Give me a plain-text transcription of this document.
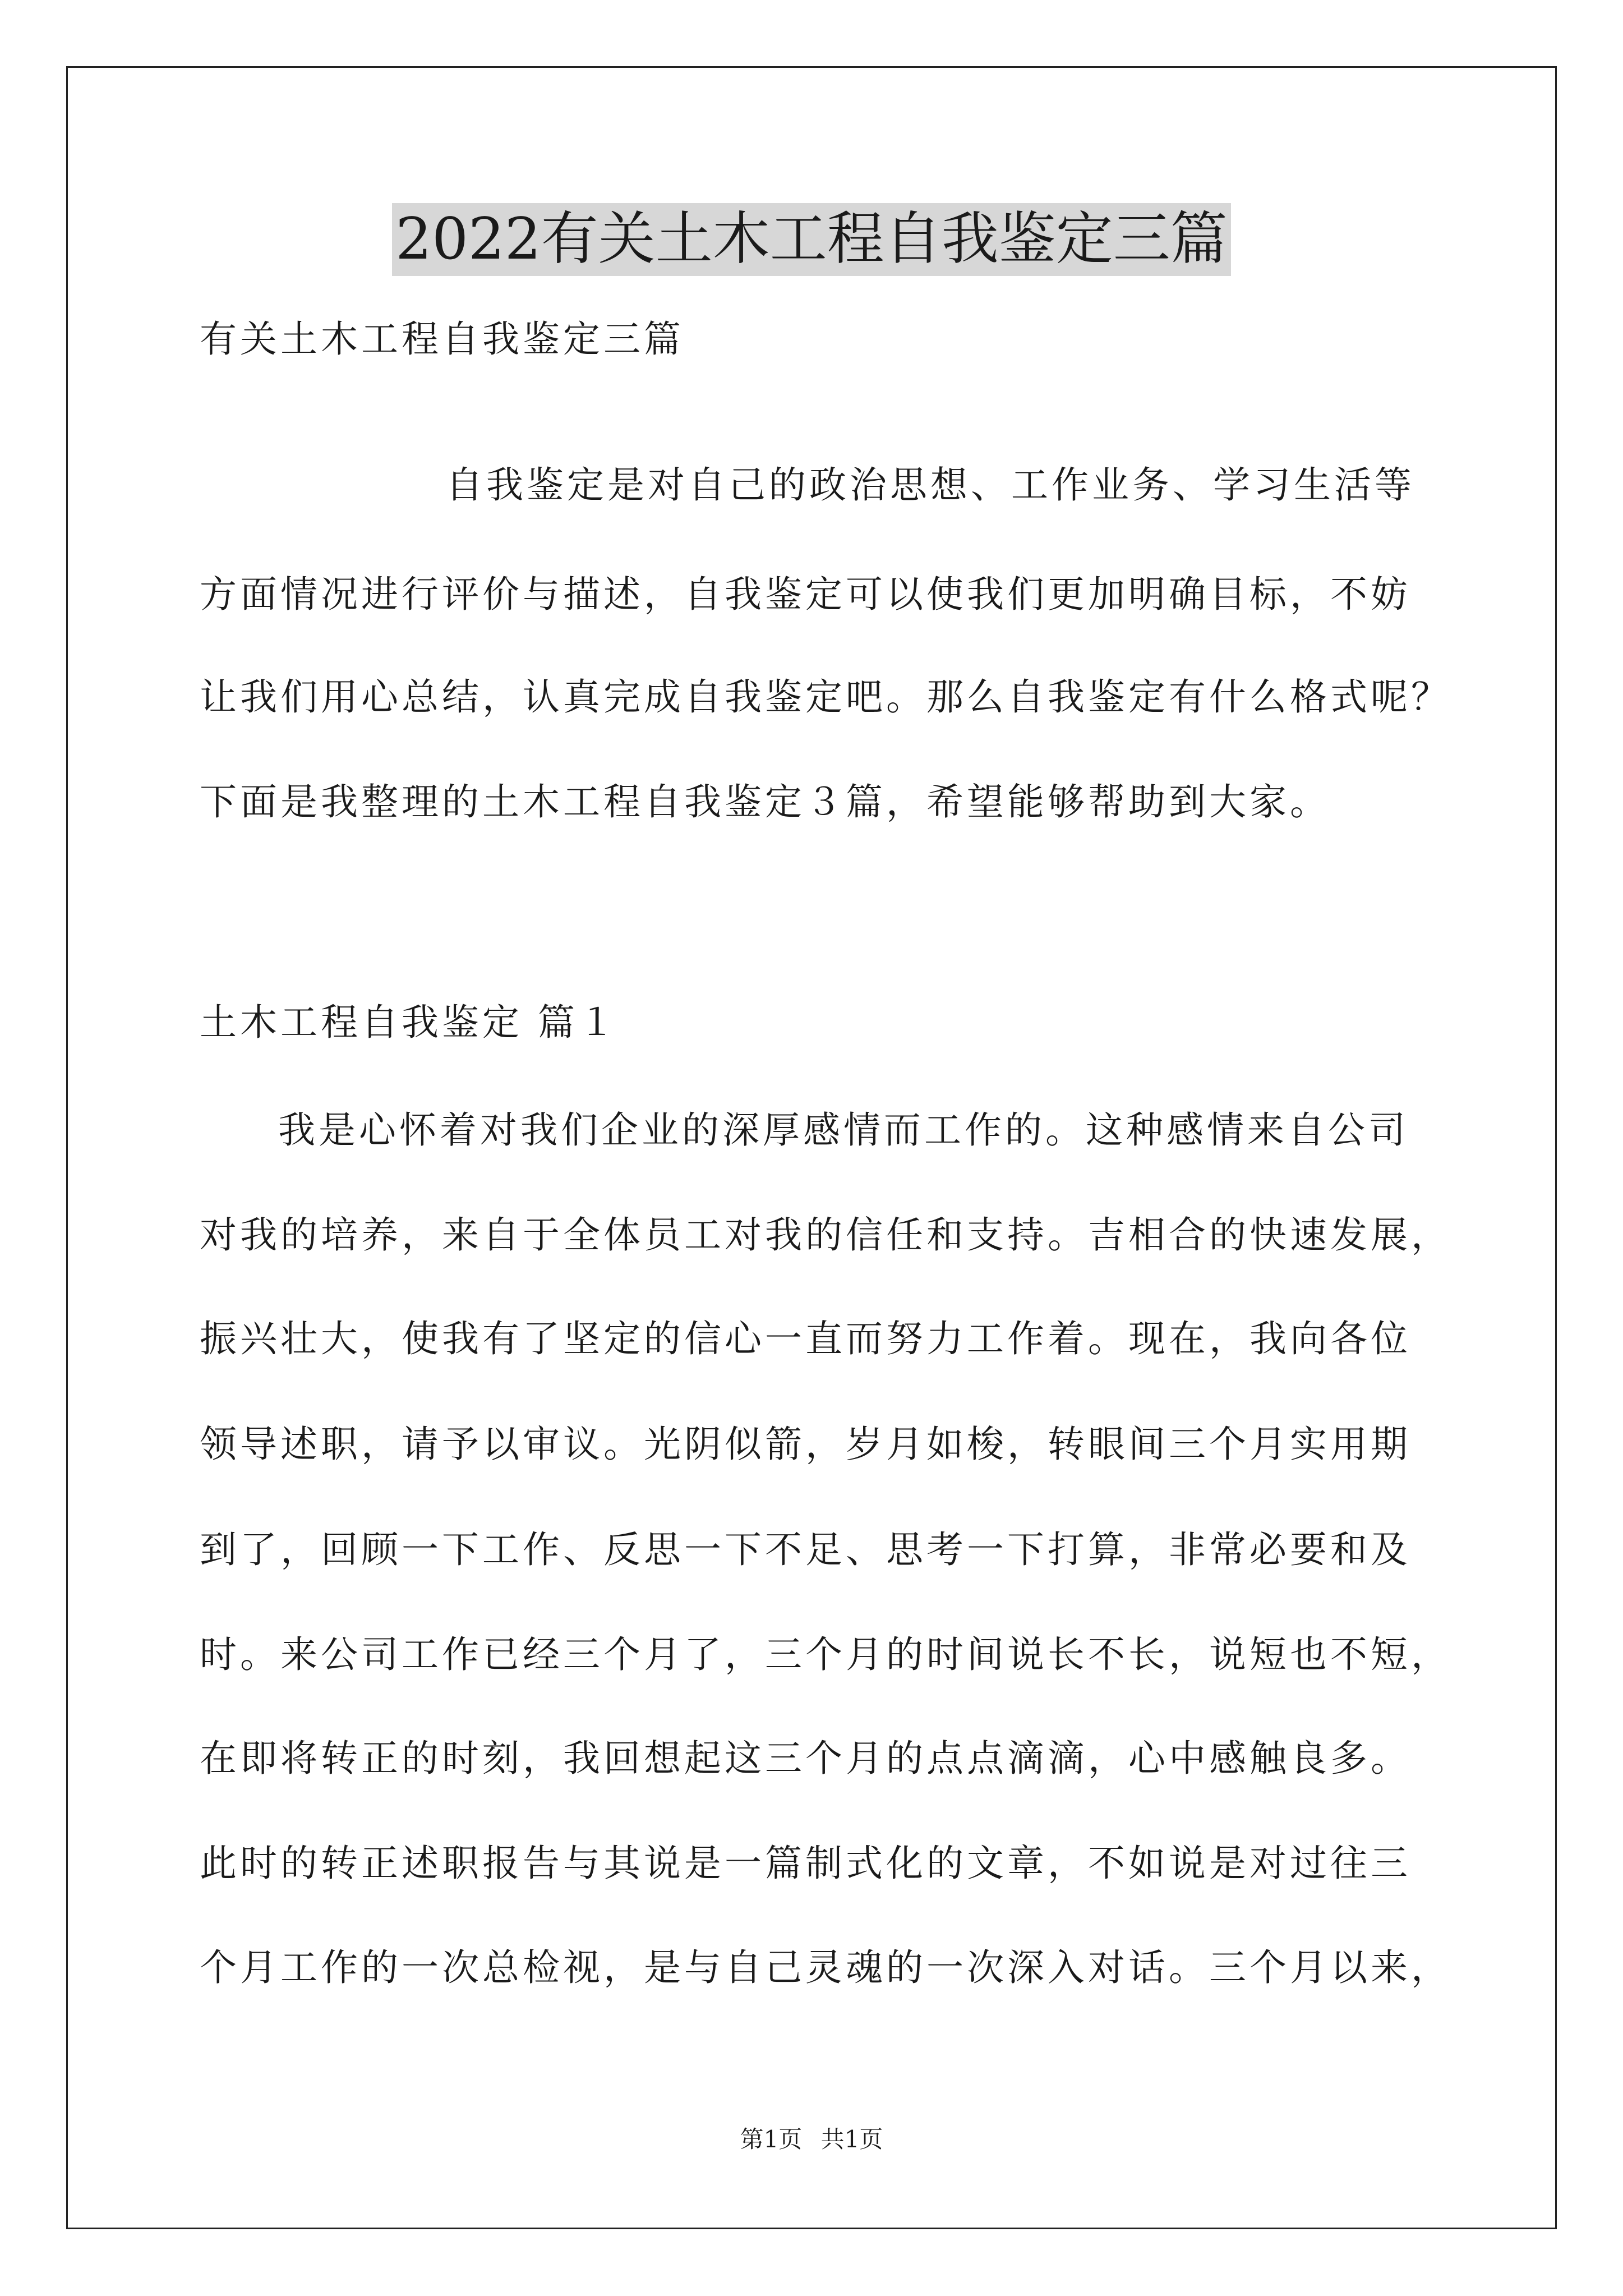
2022有关土木工程自我鉴定三篇
有关土木工程自我鉴定三篇
自我鉴定是对自己的政治思想、工作业务、学习生活等
方面情况进行评价与描述，自我鉴定可以使我们更加明确目标，不妨
让我们用心总结，认真完成自我鉴定吧。那么自我鉴定有什么格式呢？
下面是我整理的土木工程自我鉴定３篇，希望能够帮助到大家。
土木工程自我鉴定 篇１
我是心怀着对我们企业的深厚感情而工作的。这种感情来自公司
对我的培养，来自于全体员工对我的信任和支持。吉相合的快速发展，
振兴壮大，使我有了坚定的信心一直而努力工作着。现在，我向各位
领导述职，请予以审议。光阴似箭，岁月如梭，转眼间三个月实用期
到了，回顾一下工作、反思一下不足、思考一下打算，非常必要和及
时。来公司工作已经三个月了，三个月的时间说长不长，说短也不短，
在即将转正的时刻，我回想起这三个月的点点滴滴，心中感触良多。
此时的转正述职报告与其说是一篇制式化的文章，不如说是对过往三
个月工作的一次总检视，是与自己灵魂的一次深入对话。三个月以来，
第1页 共1页
